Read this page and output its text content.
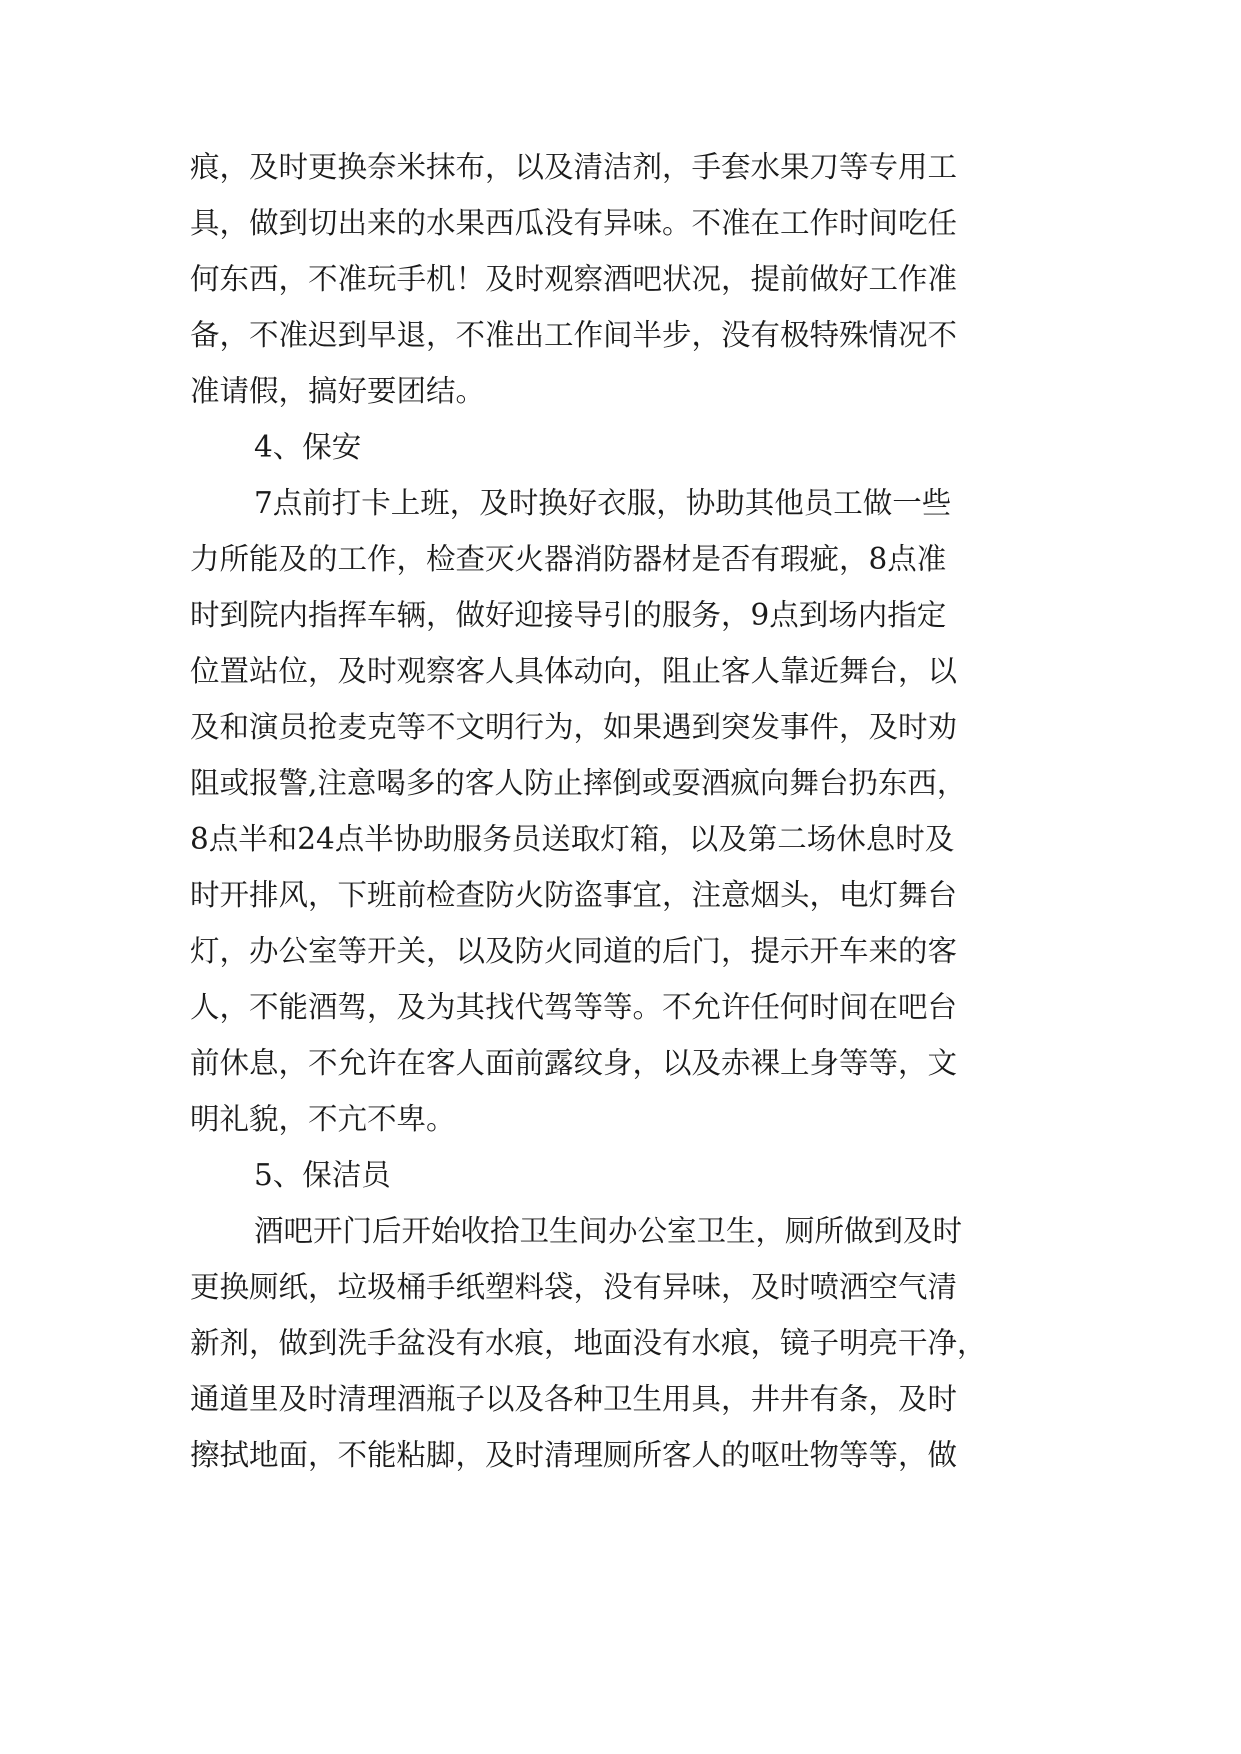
痕，及时更换奈米抹布，以及清洁剂，手套水果刀等专用工
具，做到切出来的水果西瓜没有异味。不准在工作时间吃任
何东西，不准玩手机！及时观察酒吧状况，提前做好工作准
备，不准迟到早退，不准出工作间半步，没有极特殊情况不
准请假，搞好要团结。
4、保安
7点前打卡上班，及时换好衣服，协助其他员工做一些
力所能及的工作，检查灭火器消防器材是否有瑕疵，8点准
时到院内指挥车辆，做好迎接导引的服务，9点到场内指定
位置站位，及时观察客人具体动向，阻止客人靠近舞台，以
及和演员抢麦克等不文明行为，如果遇到突发事件，及时劝
阻或报警,注意喝多的客人防止摔倒或耍酒疯向舞台扔东西，
8点半和24点半协助服务员送取灯箱，以及第二场休息时及
时开排风，下班前检查防火防盗事宜，注意烟头，电灯舞台
灯，办公室等开关，以及防火同道的后门，提示开车来的客
人，不能酒驾，及为其找代驾等等。不允许任何时间在吧台
前休息，不允许在客人面前露纹身，以及赤裸上身等等，文
明礼貌，不亢不卑。
5、保洁员
酒吧开门后开始收拾卫生间办公室卫生，厕所做到及时
更换厕纸，垃圾桶手纸塑料袋，没有异味，及时喷洒空气清
新剂，做到洗手盆没有水痕，地面没有水痕，镜子明亮干净，
通道里及时清理酒瓶子以及各种卫生用具，井井有条，及时
擦拭地面，不能粘脚，及时清理厕所客人的呕吐物等等，做
